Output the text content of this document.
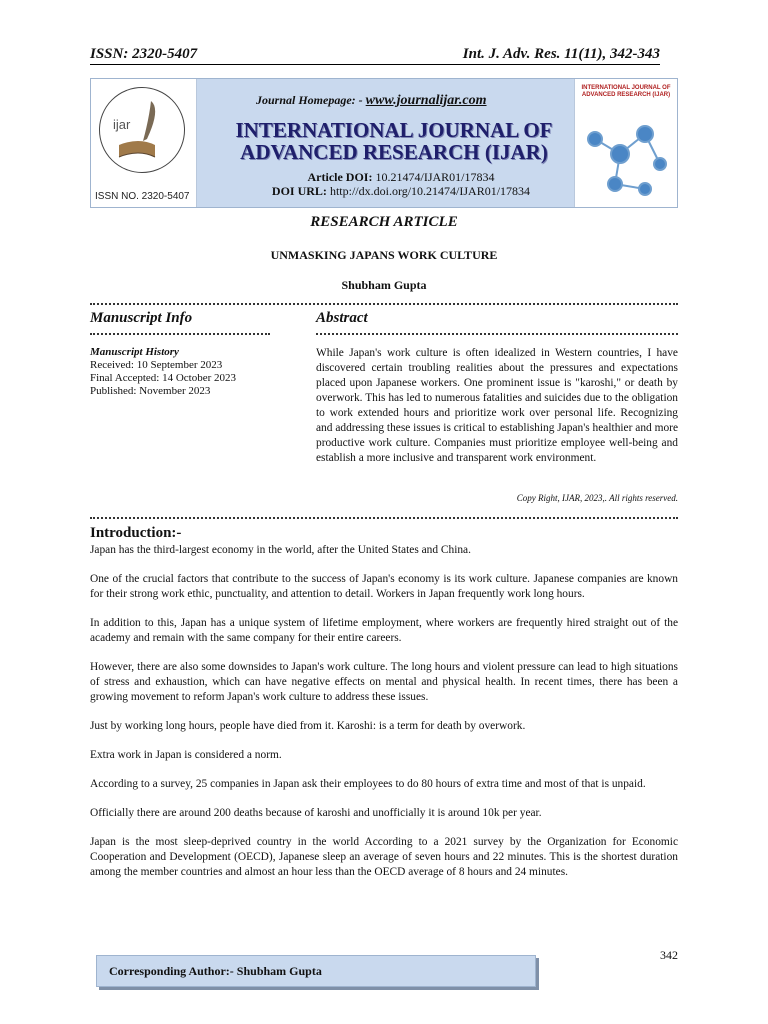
ISSN: 2320-5407	Int. J. Adv. Res. 11(11), 342-343
ijar
ISSN NO. 2320-5407
Journal Homepage: - www.journalijar.com
INTERNATIONAL JOURNAL OF
ADVANCED RESEARCH (IJAR)
Article DOI: 10.21474/IJAR01/17834
DOI URL: http://dx.doi.org/10.21474/IJAR01/17834
INTERNATIONAL JOURNAL OF ADVANCED RESEARCH (IJAR)
RESEARCH ARTICLE
UNMASKING JAPANS WORK CULTURE
Shubham Gupta
Manuscript Info	Abstract
Manuscript History
Received: 10 September 2023
Final Accepted: 14 October 2023
Published: November 2023
While Japan's work culture is often idealized in Western countries, I have discovered certain troubling realities about the pressures and expectations placed upon Japanese workers. One prominent issue is "karoshi," or death by overwork. This has led to numerous fatalities and suicides due to the obligation to work extended hours and prioritize work over personal life. Recognizing and addressing these issues is critical to establishing Japan's healthier and more productive work culture. Companies must prioritize employee well-being and establish a more inclusive and transparent work environment.
Copy Right, IJAR, 2023,. All rights reserved.
Introduction:-

Japan has the third-largest economy in the world, after the United States and China.

One of the crucial factors that contribute to the success of Japan's economy is its work culture. Japanese companies are known for their strong work ethic, punctuality, and attention to detail. Workers in Japan frequently work long hours.

In addition to this, Japan has a unique system of lifetime employment, where workers are frequently hired straight out of the academy and remain with the same company for their entire careers.

However, there are also some downsides to Japan's work culture. The long hours and violent pressure can lead to high situations of stress and exhaustion, which can have negative effects on mental and physical health. In recent times, there has been a growing movement to reform Japan's work culture to address these issues.

Just by working long hours, people have died from it. Karoshi: is a term for death by overwork.

Extra work in Japan is considered a norm.

According to a survey, 25 companies in Japan ask their employees to do 80 hours of extra time and most of that is unpaid.

Officially there are around 200 deaths because of karoshi and unofficially it is around 10k per year.

Japan is the most sleep-deprived country in the world According to a 2021 survey by the Organization for Economic Cooperation and Development (OECD), Japanese sleep an average of seven hours and 22 minutes. This is the shortest duration among the member countries and almost an hour less than the OECD average of 8 hours and 24 minutes.

342
Corresponding Author:- Shubham Gupta
